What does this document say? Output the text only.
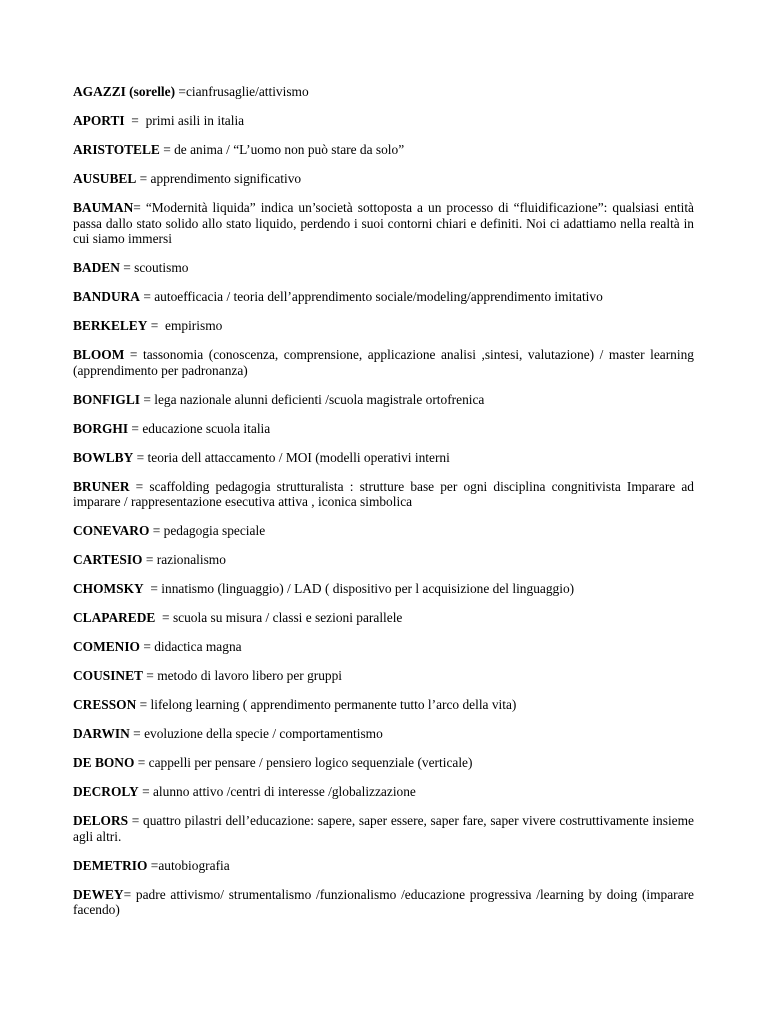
AGAZZI (sorelle) =cianfrusaglie/attivismo

APORTI  =  primi asili in italia

ARISTOTELE = de anima / “L’uomo non può stare da solo”

AUSUBEL = apprendimento significativo

BAUMAN= “Modernità liquida” indica un’società sottoposta a un processo di “fluidificazione”: qualsiasi entità passa dallo stato solido allo stato liquido, perdendo i suoi contorni chiari e definiti. Noi ci adattiamo nella realtà in cui siamo immersi

BADEN = scoutismo

BANDURA = autoefficacia / teoria dell’apprendimento sociale/modeling/apprendimento imitativo

BERKELEY =  empirismo

BLOOM = tassonomia (conoscenza, comprensione, applicazione analisi ,sintesi, valutazione) / master learning (apprendimento per padronanza)

BONFIGLI = lega nazionale alunni deficienti /scuola magistrale ortofrenica

BORGHI = educazione scuola italia

BOWLBY = teoria dell attaccamento / MOI (modelli operativi interni

BRUNER = scaffolding pedagogia strutturalista : strutture base per ogni disciplina congnitivista Imparare ad imparare / rappresentazione esecutiva attiva , iconica simbolica

CONEVARO = pedagogia speciale

CARTESIO = razionalismo

CHOMSKY  = innatismo (linguaggio) / LAD ( dispositivo per l acquisizione del linguaggio)

CLAPAREDE  = scuola su misura / classi e sezioni parallele

COMENIO = didactica magna

COUSINET = metodo di lavoro libero per gruppi

CRESSON = lifelong learning ( apprendimento permanente tutto l’arco della vita)

DARWIN = evoluzione della specie / comportamentismo

DE BONO = cappelli per pensare / pensiero logico sequenziale (verticale)

DECROLY = alunno attivo /centri di interesse /globalizzazione

DELORS = quattro pilastri dell’educazione: sapere, saper essere, saper fare, saper vivere costruttivamente insieme agli altri.

DEMETRIO =autobiografia

DEWEY= padre attivismo/ strumentalismo /funzionalismo /educazione progressiva /learning by doing (imparare facendo)
